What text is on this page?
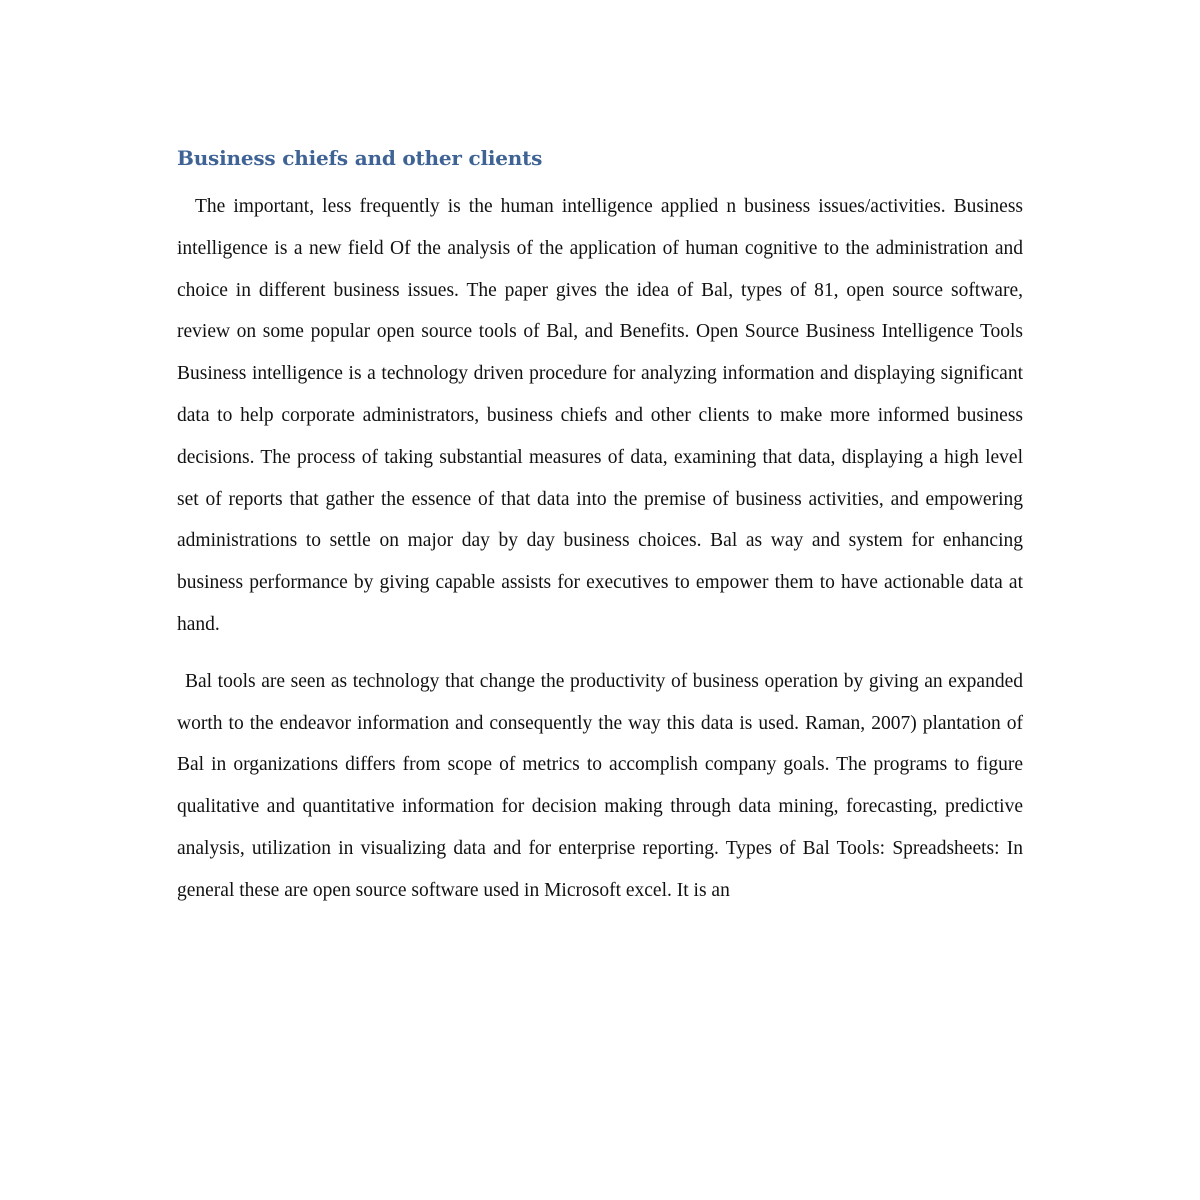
Business chiefs and other clients

The important, less frequently is the human intelligence applied n business issues/activities. Business intelligence is a new field Of the analysis of the application of human cognitive to the administration and choice in different business issues. The paper gives the idea of Bal, types of 81, open source software, review on some popular open source tools of Bal, and Benefits. Open Source Business Intelligence Tools Business intelligence is a technology driven procedure for analyzing information and displaying significant data to help corporate administrators, business chiefs and other clients to make more informed business decisions. The process of taking substantial measures of data, examining that data, displaying a high level set of reports that gather the essence of that data into the premise of business activities, and empowering administrations to settle on major day by day business choices. Bal as way and system for enhancing business performance by giving capable assists for executives to empower them to have actionable data at hand.

Bal tools are seen as technology that change the productivity of business operation by giving an expanded worth to the endeavor information and consequently the way this data is used. Raman, 2007) plantation of Bal in organizations differs from scope of metrics to accomplish company goals. The programs to figure qualitative and quantitative information for decision making through data mining, forecasting, predictive analysis, utilization in visualizing data and for enterprise reporting. Types of Bal Tools: Spreadsheets: In general these are open source software used in Microsoft excel. It is an
